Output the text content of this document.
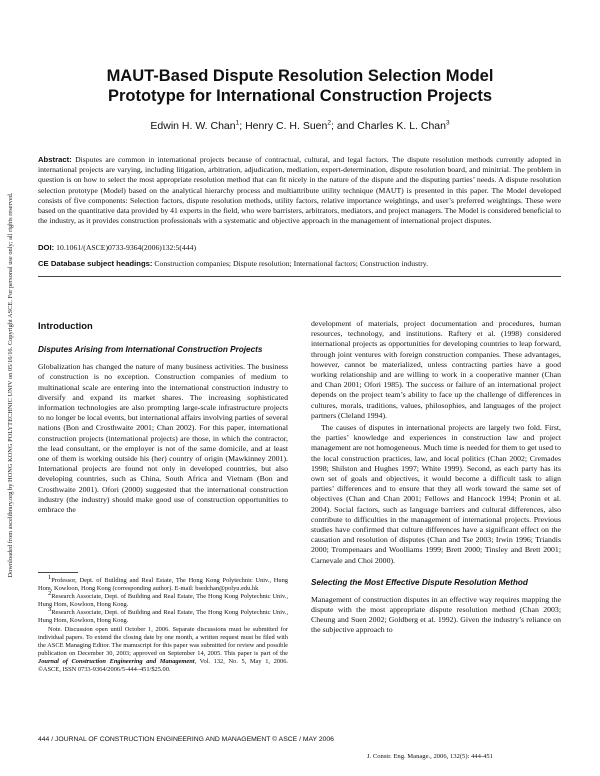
Downloaded from ascelibrary.org by HONG KONG POLYTECHNIC UNIV on 05/16/16. Copyright ASCE. For personal use only; all rights reserved.
MAUT-Based Dispute Resolution Selection Model
Prototype for International Construction Projects
Edwin H. W. Chan$^1$; Henry C. H. Suen$^2$; and Charles K. L. Chan$^3$
Abstract: Disputes are common in international projects because of contractual, cultural, and legal factors. The dispute resolution methods currently adopted in international projects are varying, including litigation, arbitration, adjudication, mediation, expert-determination, dispute resolution board, and minitrial. The problem in question is on how to select the most appropriate resolution method that can fit nicely in the nature of the dispute and the disputing parties’ needs. A dispute resolution selection prototype (Model) based on the analytical hierarchy process and multiattribute utility technique (MAUT) is presented in this paper. The Model developed consists of five components: Selection factors, dispute resolution methods, utility factors, relative importance weightings, and user’s preferred weightings. These were based on the quantitative data provided by 41 experts in the field, who were barristers, arbitrators, mediators, and project managers. The Model is considered beneficial to the industry, as it provides construction professionals with a systematic and objective approach in the management of international project disputes.
DOI: 10.1061/(ASCE)0733-9364(2006)132:5(444)
CE Database subject headings: Construction companies; Dispute resolution; International factors; Construction industry.

Introduction

Disputes Arising from International Construction Projects

Globalization has changed the nature of many business activities. The business of construction is no exception. Construction companies of medium to multinational scale are entering into the international construction industry to diversify and expand its market shares. The increasing sophisticated information technologies are also prompting large-scale infrastructure projects to no longer be local events, but international affairs involving parties of several nations (Bon and Crosthwaite 2001; Chan 2002). For this paper, international construction projects (international projects) are those, in which the contractor, the lead consultant, or the employer is not of the same domicile, and at least one of them is working outside his (her) country of origin (Mawkinney 2001). International projects are found not only in developed countries, but also developing countries, such as China, South Africa and Vietnam (Bon and Crosthwaite 2001). Ofori (2000) suggested that the international construction industry (the industry) should make good use of construction opportunities to embrace the

$^1$Professor, Dept. of Building and Real Estate, The Hong Kong Polytechnic Univ., Hung Hom, Kowloon, Hong Kong (corresponding author). E-mail: bsedchan@polyu.edu.hk

$^2$Research Associate, Dept. of Building and Real Estate, The Hong Kong Polytechnic Univ., Hung Hom, Kowloon, Hong Kong.

$^3$Research Associate, Dept. of Building and Real Estate, The Hong Kong Polytechnic Univ., Hung Hom, Kowloon, Hong Kong.

Note. Discussion open until October 1, 2006. Separate discussions must be submitted for individual papers. To extend the closing date by one month, a written request must be filed with the ASCE Managing Editor. The manuscript for this paper was submitted for review and possible publication on December 30, 2003; approved on September 14, 2005. This paper is part of the Journal of Construction Engineering and Management, Vol. 132, No. 5, May 1, 2006. ©ASCE, ISSN 0733-9364/2006/5-444–451/$25.00.

development of materials, project documentation and procedures, human resources, technology, and institutions. Raftery et al. (1998) considered international projects as opportunities for developing countries to leap forward, through joint ventures with foreign construction companies. These advantages, however, cannot be materialized, unless contracting parties have a good working relationship and are willing to work in a cooperative manner (Chan and Chan 2001; Ofori 1985). The success or failure of an international project depends on the project team’s ability to face up the challenge of differences in cultures, morals, traditions, values, philosophies, and languages of the project partners (Cleland 1994).

The causes of disputes in international projects are largely two fold. First, the parties’ knowledge and experiences in construction law and project management are not homogeneous. Much time is needed for them to get used to the local construction practices, law, and local politics (Chan 2002; Cremades 1998; Shilston and Hughes 1997; White 1999). Second, as each party has its own set of goals and objectives, it would become a difficult task to align parties’ differences and to ensure that they all work toward the same set of objectives (Chan and Chan 2001; Fellows and Hancock 1994; Pronin et al. 2004). Social factors, such as language barriers and cultural differences, also contribute to difficulties in the management of international projects. Previous studies have confirmed that culture differences have a significant effect on the causation and resolution of disputes (Chan and Tse 2003; Irwin 1996; Triandis 2000; Trompenaars and Woolliams 1999; Brett 2000; Tinsley and Brett 2001; Carnevale and Choi 2000).

Selecting the Most Effective Dispute Resolution Method

Management of construction disputes in an effective way requires mapping the dispute with the most appropriate dispute resolution method (Chan 2003; Cheung and Suen 2002; Goldberg et al. 1992). Given the industry’s reliance on the subjective approach to

444 / JOURNAL OF CONSTRUCTION ENGINEERING AND MANAGEMENT © ASCE / MAY 2006
J. Constr. Eng. Manage., 2006, 132(5): 444-451
